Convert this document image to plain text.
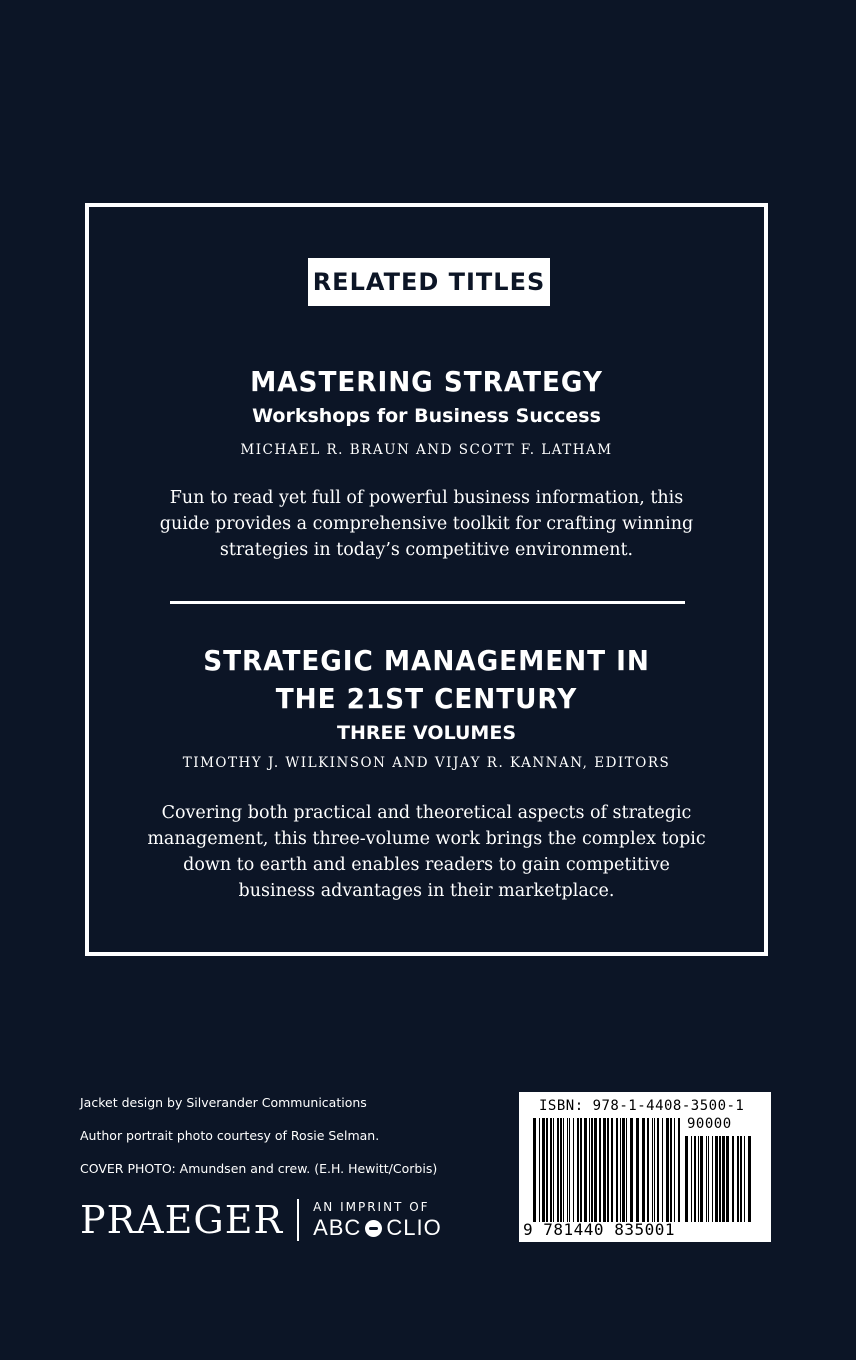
RELATED TITLES
MASTERING STRATEGY
Workshops for Business Success
MICHAEL R. BRAUN AND SCOTT F. LATHAM
Fun to read yet full of powerful business information, this
guide provides a comprehensive toolkit for crafting winning
strategies in today’s competitive environment.
STRATEGIC MANAGEMENT IN
THE 21ST CENTURY
THREE VOLUMES
TIMOTHY J. WILKINSON AND VIJAY R. KANNAN, EDITORS
Covering both practical and theoretical aspects of strategic
management, this three-volume work brings the complex topic
down to earth and enables readers to gain competitive
business advantages in their marketplace.
Jacket design by Silverander Communications
Author portrait photo courtesy of Rosie Selman.
COVER PHOTO: Amundsen and crew. (E.H. Hewitt/Corbis)
PRAEGER	AN IMPRINT OF
ABC CLIO
ISBN: 978-1-4408-3500-1
90000
9 781440 835001
